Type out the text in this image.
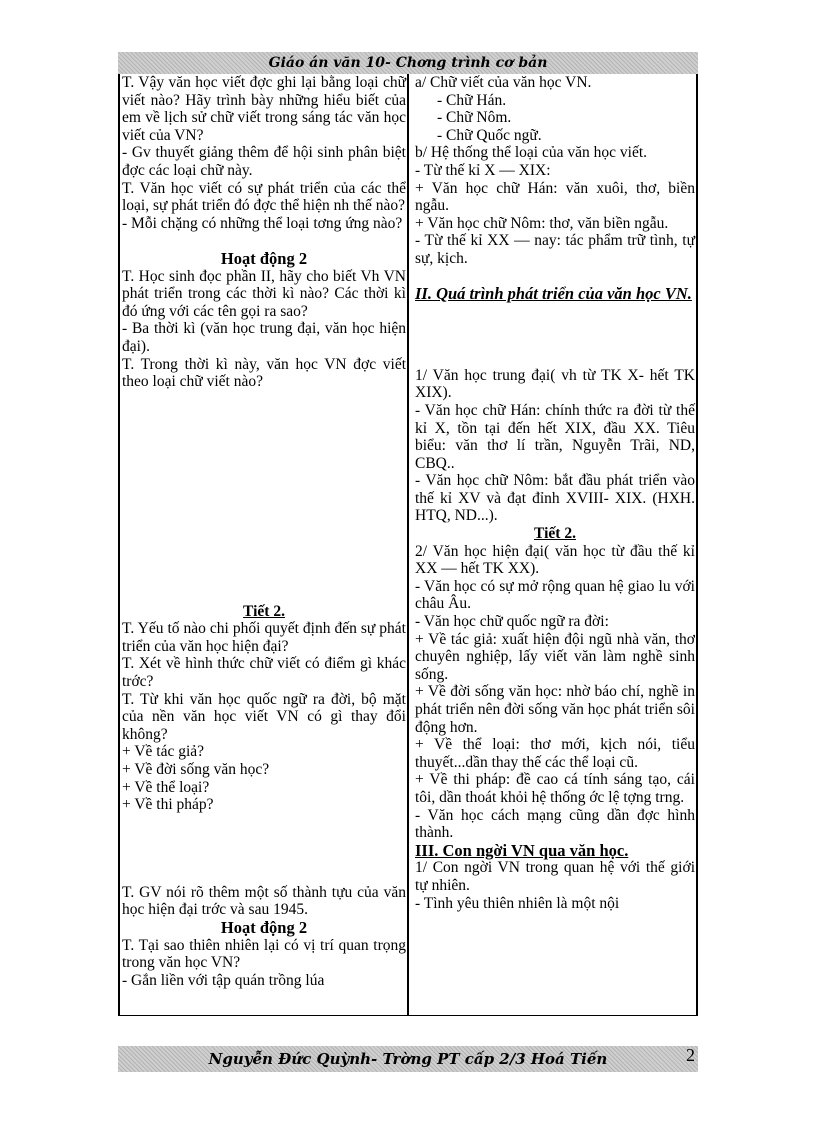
Giáo án văn 10- Chơng trình cơ bản

T. Vậy văn học viết đợc ghi lại bằng loại chữ viết nào? Hãy trình bày những hiểu biết của em về lịch sử chữ viết trong sáng tác văn học viết của VN?

- Gv thuyết giảng thêm để hội sinh phân biệt đợc các loại chữ này.

T. Văn học viết có sự phát triển của các thể loại, sự phát triển đó đợc thể hiện nh thế nào?

- Mỗi chặng có những thể loại tơng ứng nào?

Hoạt động 2

T. Học sinh đọc phần II, hãy cho biết Vh VN phát triển trong các thời kì nào? Các thời kì đó ứng với các tên gọi ra sao?

- Ba thời kì (văn học trung đại, văn học hiện đại).

T. Trong thời kì này, văn học VN đợc viết theo loại chữ viết nào?

Tiết 2.

T. Yếu tố nào chi phối quyết định đến sự phát triển của văn học hiện đại?

T. Xét về hình thức chữ viết có điểm gì khác trớc?

T. Từ khi văn học quốc ngữ ra đời, bộ mặt của nền văn học viết VN có gì thay đổi không?

+ Về tác giả?

+ Về đời sống văn học?

+ Về thể loại?

+ Về thi pháp?

T. GV nói rõ thêm một số thành tựu của văn học hiện đại trớc và sau 1945.

Hoạt động 2

T. Tại sao thiên nhiên lại có vị trí quan trọng trong văn học VN?

- Gắn liền với tập quán trồng lúa

a/ Chữ viết của văn học VN.

- Chữ Hán.

- Chữ Nôm.

- Chữ Quốc ngữ.

b/ Hệ thống thể loại của văn học viết.

- Từ thế kỉ X — XIX:

+ Văn học chữ Hán: văn xuôi, thơ, biền ngẫu.

+ Văn học chữ Nôm: thơ, văn biền ngẫu.

- Từ thế kỉ XX — nay: tác phẩm trữ tình, tự sự, kịch.

II. Quá trình phát triển của văn học VN.

1/ Văn học trung đại( vh từ TK X- hết TK XIX).

- Văn học chữ Hán: chính thức ra đời từ thế kỉ X, tồn tại đến hết XIX, đầu XX. Tiêu biểu: văn thơ lí trần, Nguyễn Trãi, ND, CBQ..

- Văn học chữ Nôm: bắt đầu phát triển vào thế kỉ XV và đạt đỉnh XVIII- XIX. (HXH. HTQ, ND...).

Tiết 2.

2/ Văn học hiện đại( văn học từ đầu thế kỉ XX — hết TK XX).

- Văn học có sự mở rộng quan hệ giao lu với châu Âu.

- Văn học chữ quốc ngữ ra đời:

+ Về tác giả: xuất hiện đội ngũ nhà văn, thơ chuyên nghiệp, lấy viết văn làm nghề sinh sống.

+ Về đời sống văn học: nhờ báo chí, nghề in phát triển nên đời sống văn học phát triển sôi động hơn.

+ Về thể loại: thơ mới, kịch nói, tiểu thuyết...dần thay thế các thể loại cũ.

+ Về thi pháp: đề cao cá tính sáng tạo, cái tôi, dần thoát khỏi hệ thống ớc lệ tợng trng.

- Văn học cách mạng cũng dần đợc hình thành.

III. Con ngời VN qua văn học.

1/ Con ngời VN trong quan hệ với thế giới tự nhiên.

- Tình yêu thiên nhiên là một nội

Nguyễn Đức Quỳnh- Trờng PT cấp 2/3 Hoá Tiến	2
